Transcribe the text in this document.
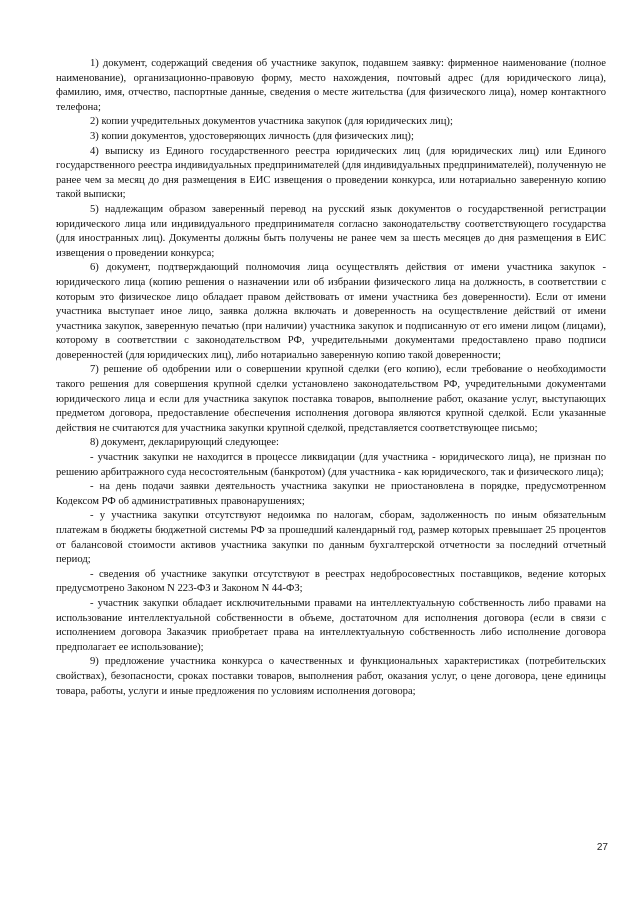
1) документ, содержащий сведения об участнике закупок, подавшем заявку: фирменное наименование (полное наименование), организационно-правовую форму, место нахождения, почтовый адрес (для юридического лица), фамилию, имя, отчество, паспортные данные, сведения о месте жительства (для физического лица), номер контактного телефона;

2) копии учредительных документов участника закупок (для юридических лиц);

3) копии документов, удостоверяющих личность (для физических лиц);

4) выписку из Единого государственного реестра юридических лиц (для юридических лиц) или Единого государственного реестра индивидуальных предпринимателей (для индивидуальных предпринимателей), полученную не ранее чем за месяц до дня размещения в ЕИС извещения о проведении конкурса, или нотариально заверенную копию такой выписки;

5) надлежащим образом заверенный перевод на русский язык документов о государственной регистрации юридического лица или индивидуального предпринимателя согласно законодательству соответствующего государства (для иностранных лиц). Документы должны быть получены не ранее чем за шесть месяцев до дня размещения в ЕИС извещения о проведении конкурса;

6) документ, подтверждающий полномочия лица осуществлять действия от имени участника закупок - юридического лица (копию решения о назначении или об избрании физического лица на должность, в соответствии с которым это физическое лицо обладает правом действовать от имени участника без доверенности). Если от имени участника выступает иное лицо, заявка должна включать и доверенность на осуществление действий от имени участника закупок, заверенную печатью (при наличии) участника закупок и подписанную от его имени лицом (лицами), которому в соответствии с законодательством РФ, учредительными документами предоставлено право подписи доверенностей (для юридических лиц), либо нотариально заверенную копию такой доверенности;

7) решение об одобрении или о совершении крупной сделки (его копию), если требование о необходимости такого решения для совершения крупной сделки установлено законодательством РФ, учредительными документами юридического лица и если для участника закупок поставка товаров, выполнение работ, оказание услуг, выступающих предметом договора, предоставление обеспечения исполнения договора являются крупной сделкой. Если указанные действия не считаются для участника закупки крупной сделкой, представляется соответствующее письмо;

8) документ, декларирующий следующее:

- участник закупки не находится в процессе ликвидации (для участника - юридического лица), не признан по решению арбитражного суда несостоятельным (банкротом) (для участника - как юридического, так и физического лица);

- на день подачи заявки деятельность участника закупки не приостановлена в порядке, предусмотренном Кодексом РФ об административных правонарушениях;

- у участника закупки отсутствуют недоимка по налогам, сборам, задолженность по иным обязательным платежам в бюджеты бюджетной системы РФ за прошедший календарный год, размер которых превышает 25 процентов от балансовой стоимости активов участника закупки по данным бухгалтерской отчетности за последний отчетный период;

- сведения об участнике закупки отсутствуют в реестрах недобросовестных поставщиков, ведение которых предусмотрено Законом N 223-ФЗ и Законом N 44-ФЗ;

- участник закупки обладает исключительными правами на интеллектуальную собственность либо правами на использование интеллектуальной собственности в объеме, достаточном для исполнения договора (если в связи с исполнением договора Заказчик приобретает права на интеллектуальную собственность либо исполнение договора предполагает ее использование);

9) предложение участника конкурса о качественных и функциональных характеристиках (потребительских свойствах), безопасности, сроках поставки товаров, выполнения работ, оказания услуг, о цене договора, цене единицы товара, работы, услуги и иные предложения по условиям исполнения договора;

27
